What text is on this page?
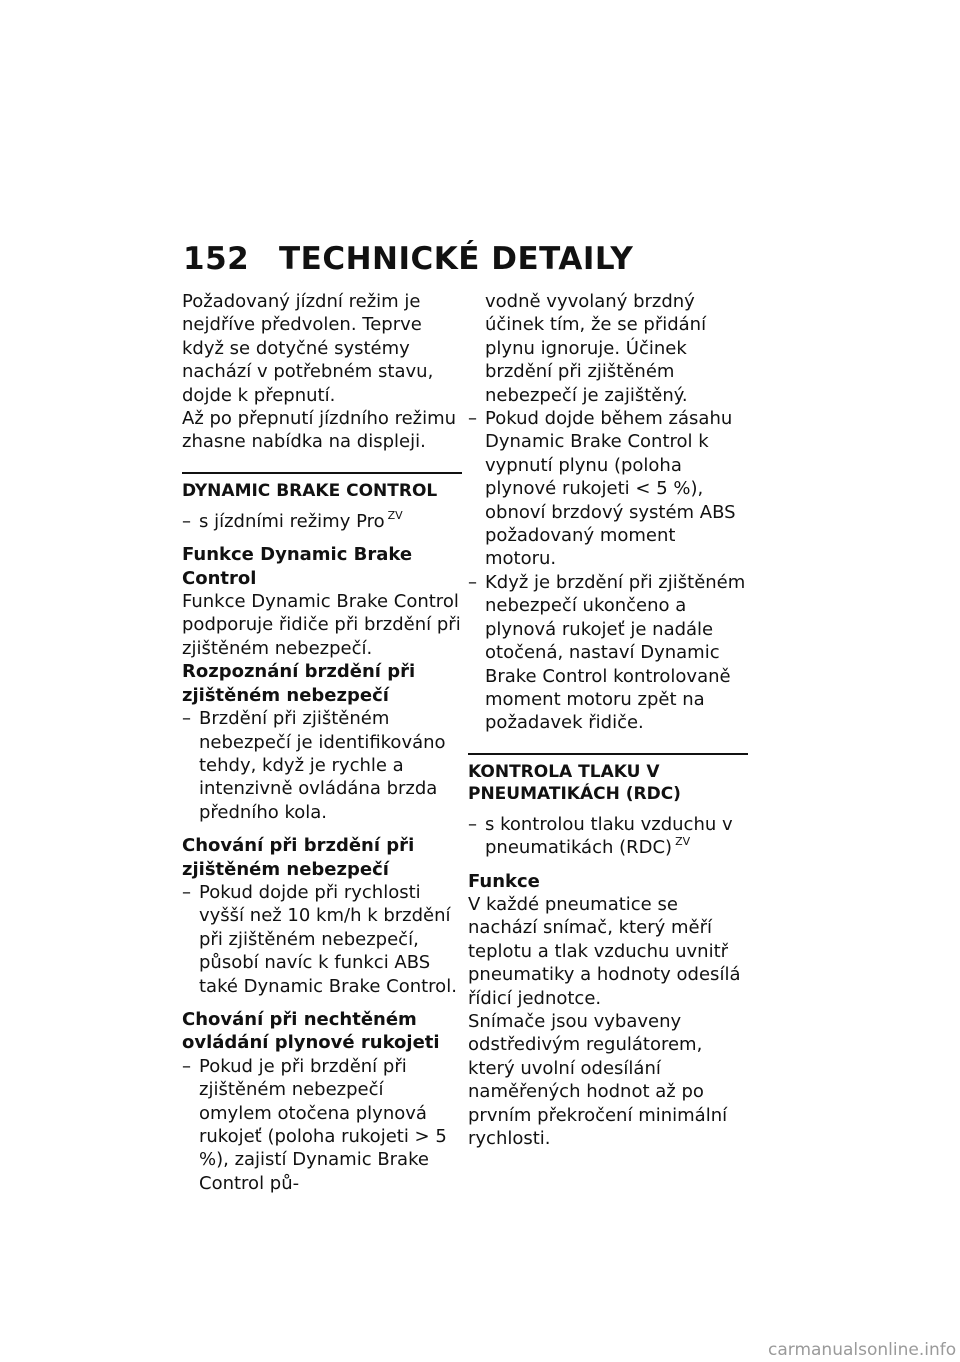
152 TECHNICKÉ DETAILY

Požadovaný jízdní režim je nejdříve předvolen. Teprve když se dotyčné systémy nachází v potřebném stavu, dojde k přepnutí.

Až po přepnutí jízdního režimu zhasne nabídka na displeji.

DYNAMIC BRAKE CONTROL

– s jízdními režimy Pro $^{ZV}$

Funkce Dynamic Brake Control

Funkce Dynamic Brake Control podporuje řidiče při brzdění při zjištěném nebezpečí.

Rozpoznání brzdění při zjištěném nebezpečí

– Brzdění při zjištěném nebezpečí je identifikováno tehdy, když je rychle a intenzivně ovládána brzda předního kola.

Chování při brzdění při zjištěném nebezpečí

– Pokud dojde při rychlosti vyšší než 10 km/h k brzdění při zjištěném nebezpečí, působí navíc k funkci ABS také Dynamic Brake Control.

Chování při nechtěném ovládání plynové rukojeti

– Pokud je při brzdění při zjištěném nebezpečí omylem otočena plynová rukojeť (poloha rukojeti > 5 %), zajistí Dynamic Brake Control pů-

vodně vyvolaný brzdný účinek tím, že se přidání plynu ignoruje. Účinek brzdění při zjištěném nebezpečí je zajištěný.

– Pokud dojde během zásahu Dynamic Brake Control k vypnutí plynu (poloha plynové rukojeti < 5 %), obnoví brzdový systém ABS požadovaný moment motoru.

– Když je brzdění při zjištěném nebezpečí ukončeno a plynová rukojeť je nadále otočená, nastaví Dynamic Brake Control kontrolovaně moment motoru zpět na požadavek řidiče.

KONTROLA TLAKU V PNEUMATIKÁCH (RDC)

– s kontrolou tlaku vzduchu v pneumatikách (RDC) $^{ZV}$

Funkce

V každé pneumatice se nachází snímač, který měří teplotu a tlak vzduchu uvnitř pneumatiky a hodnoty odesílá řídicí jednotce.

Snímače jsou vybaveny odstředivým regulátorem, který uvolní odesílání naměřených hodnot až po prvním překročení minimální rychlosti.

carmanualsonline.info
